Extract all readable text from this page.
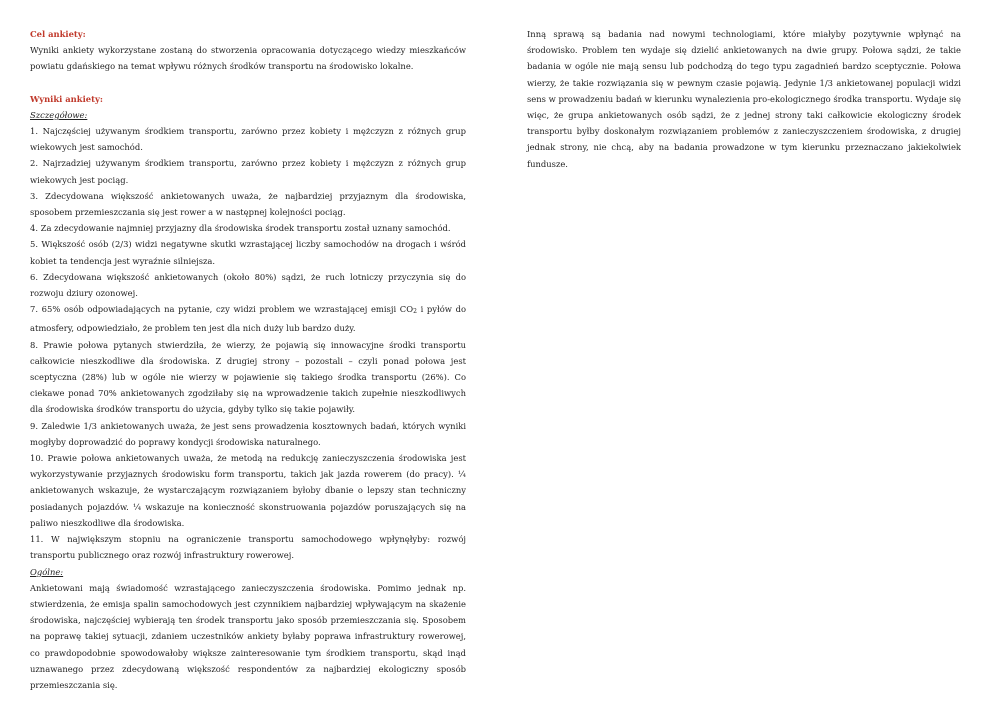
Cel ankiety:

Wyniki ankiety wykorzystane zostaną do stworzenia opracowania dotyczącego wiedzy mieszkańców powiatu gdańskiego na temat wpływu różnych środków transportu na środowisko lokalne.

Wyniki ankiety:

Szczegółowe:

1. Najczęściej używanym środkiem transportu, zarówno przez kobiety i mężczyzn z różnych grup wiekowych jest samochód.

2. Najrzadziej używanym środkiem transportu, zarówno przez kobiety i mężczyzn z różnych grup wiekowych jest pociąg.

3. Zdecydowana większość ankietowanych uważa, że najbardziej przyjaznym dla środowiska, sposobem przemieszczania się jest rower a w następnej kolejności pociąg.

4. Za zdecydowanie najmniej przyjazny dla środowiska środek transportu został uznany samochód.

5. Większość osób (2/3) widzi negatywne skutki wzrastającej liczby samochodów na drogach i wśród kobiet ta tendencja jest wyraźnie silniejsza.

6. Zdecydowana większość ankietowanych (około 80%) sądzi, że ruch lotniczy przyczynia się do rozwoju dziury ozonowej.

7. 65% osób odpowiadających na pytanie, czy widzi problem we wzrastającej emisji CO2 i pyłów do atmosfery, odpowiedziało, że problem ten jest dla nich duży lub bardzo duży.

8. Prawie połowa pytanych stwierdziła, że wierzy, że pojawią się innowacyjne środki transportu całkowicie nieszkodliwe dla środowiska. Z drugiej strony – pozostali – czyli ponad połowa jest sceptyczna (28%) lub w ogóle nie wierzy w pojawienie się takiego środka transportu (26%). Co ciekawe ponad 70% ankietowanych zgodziłaby się na wprowadzenie takich zupełnie nieszkodliwych dla środowiska środków transportu do użycia, gdyby tylko się takie pojawiły.

9. Zaledwie 1/3 ankietowanych uważa, że jest sens prowadzenia kosztownych badań, których wyniki mogłyby doprowadzić do poprawy kondycji środowiska naturalnego.

10. Prawie połowa ankietowanych uważa, że metodą na redukcję zanieczyszczenia środowiska jest wykorzystywanie przyjaznych środowisku form transportu, takich jak jazda rowerem (do pracy). ¼ ankietowanych wskazuje, że wystarczającym rozwiązaniem byłoby dbanie o lepszy stan techniczny posiadanych pojazdów. ¼ wskazuje na konieczność skonstruowania pojazdów poruszających się na paliwo nieszkodliwe dla środowiska.

11. W największym stopniu na ograniczenie transportu samochodowego wpłynęłyby: rozwój transportu publicznego oraz rozwój infrastruktury rowerowej.

Ogólne:

Ankietowani mają świadomość wzrastającego zanieczyszczenia środowiska. Pomimo jednak np. stwierdzenia, że emisja spalin samochodowych jest czynnikiem najbardziej wpływającym na skażenie środowiska, najczęściej wybierają ten środek transportu jako sposób przemieszczania się. Sposobem na poprawę takiej sytuacji, zdaniem uczestników ankiety byłaby poprawa infrastruktury rowerowej, co prawdopodobnie spowodowałoby większe zainteresowanie tym środkiem transportu, skąd inąd uznawanego przez zdecydowaną większość respondentów za najbardziej ekologiczny sposób przemieszczania się.

Inną sprawą są badania nad nowymi technologiami, które miałyby pozytywnie wpłynąć na środowisko. Problem ten wydaje się dzielić ankietowanych na dwie grupy. Połowa sądzi, że takie badania w ogóle nie mają sensu lub podchodzą do tego typu zagadnień bardzo sceptycznie. Połowa wierzy, że takie rozwiązania się w pewnym czasie pojawią. Jedynie 1/3 ankietowanej populacji widzi sens w prowadzeniu badań w kierunku wynalezienia pro-ekologicznego środka transportu. Wydaje się więc, że grupa ankietowanych osób sądzi, że z jednej strony taki całkowicie ekologiczny środek transportu byłby doskonałym rozwiązaniem problemów z zanieczyszczeniem środowiska, z drugiej jednak strony, nie chcą, aby na badania prowadzone w tym kierunku przeznaczano jakiekolwiek fundusze.
